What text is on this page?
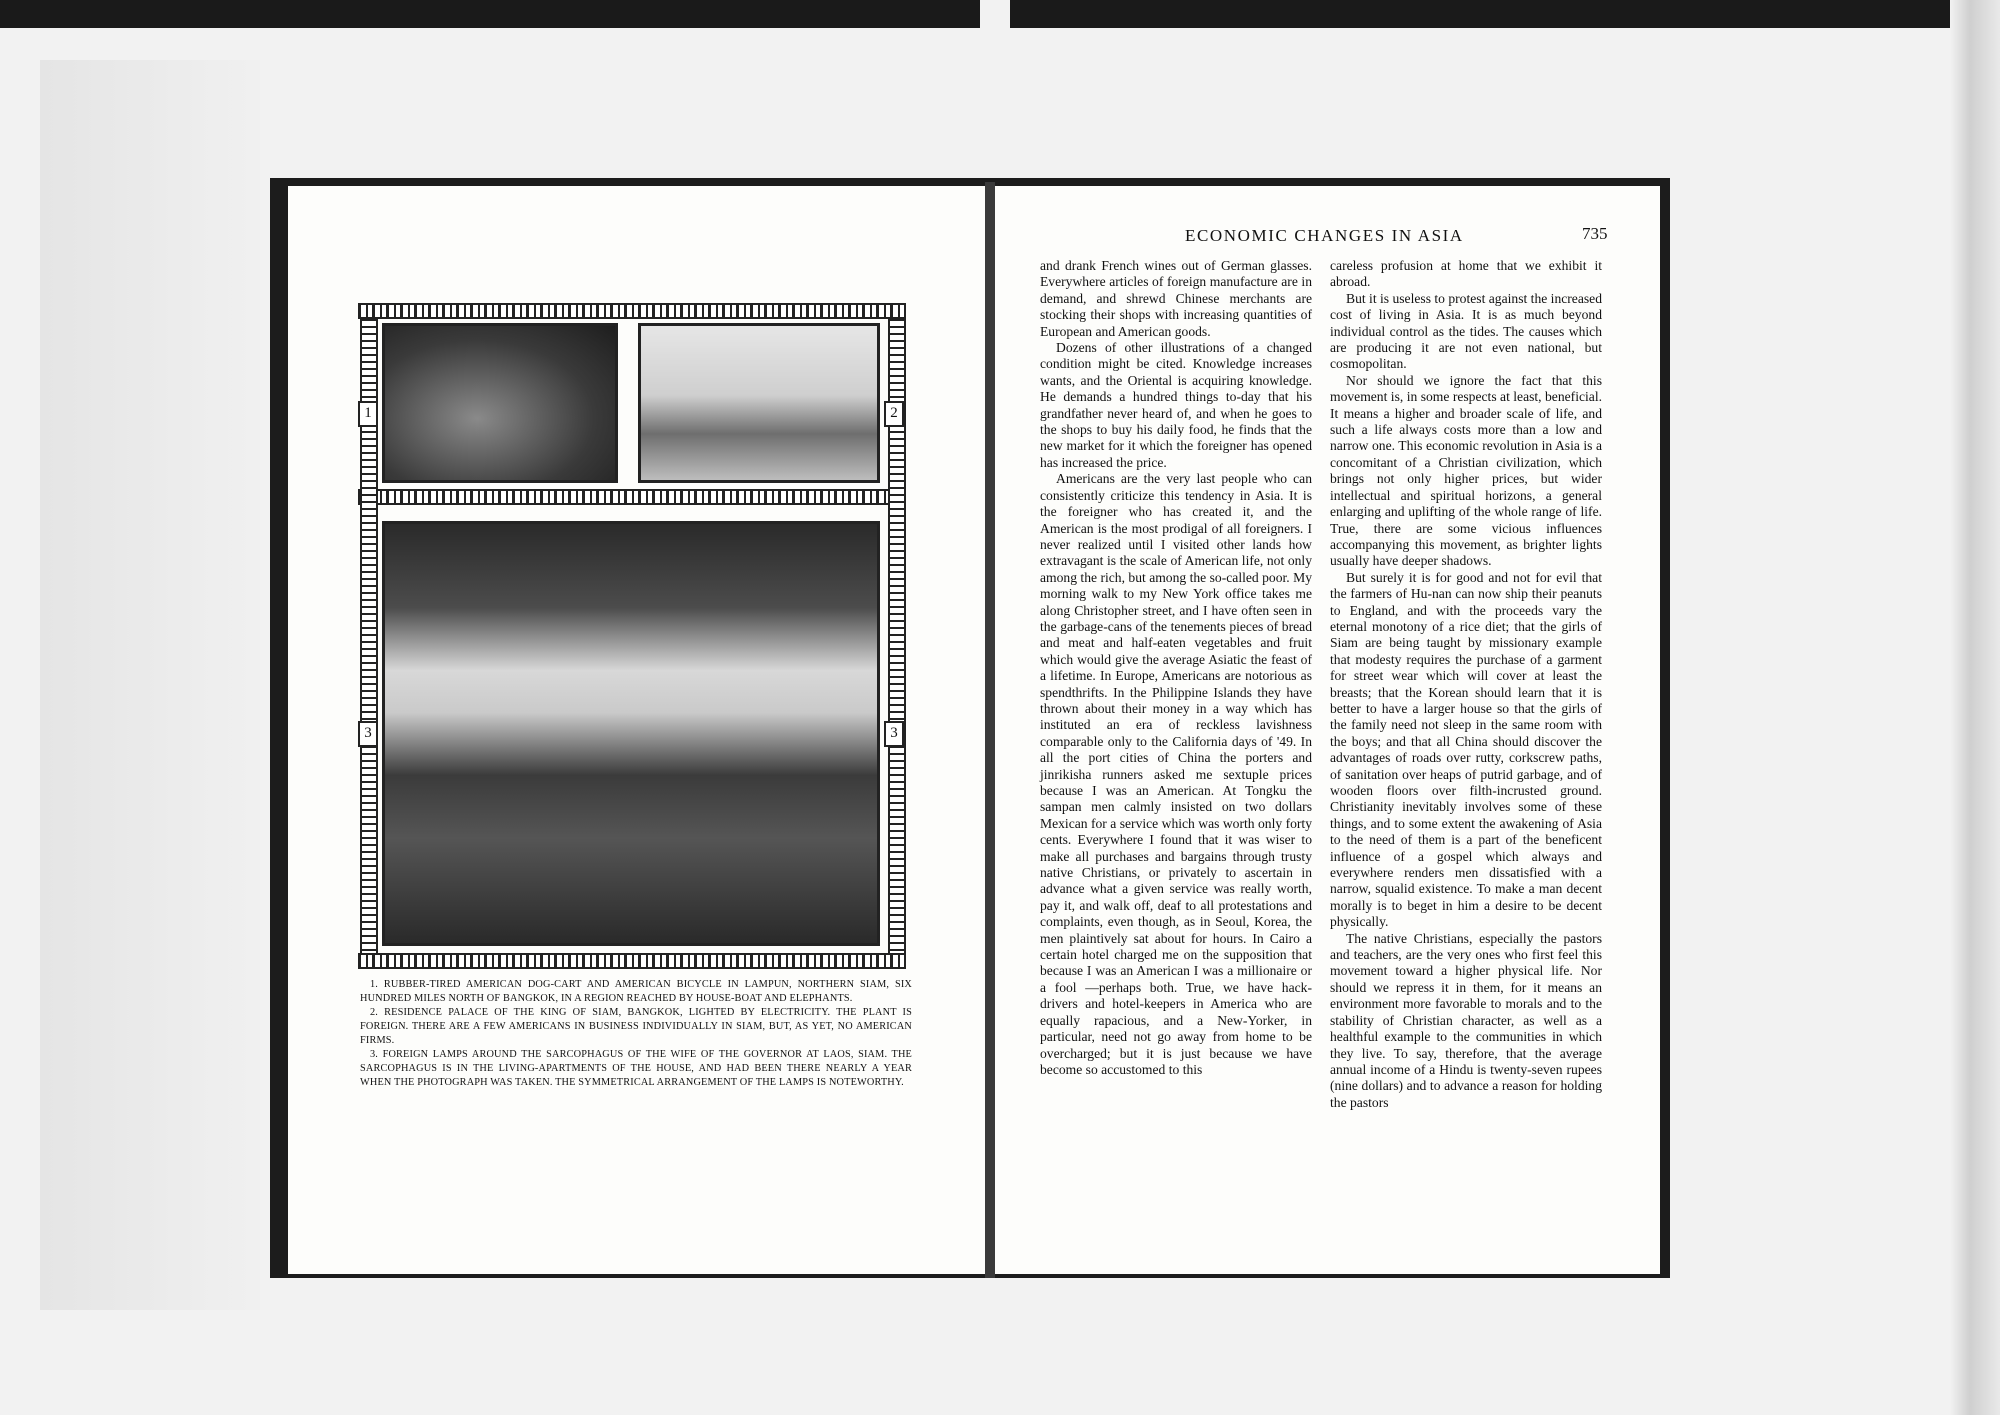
1	2
3	3

1. RUBBER-TIRED AMERICAN DOG-CART AND AMERICAN BICYCLE IN LAMPUN, NORTHERN SIAM, SIX HUNDRED MILES NORTH OF BANGKOK, IN A REGION REACHED BY HOUSE-BOAT AND ELEPHANTS.

2. RESIDENCE PALACE OF THE KING OF SIAM, BANGKOK, LIGHTED BY ELECTRICITY. THE PLANT IS FOREIGN. THERE ARE A FEW AMERICANS IN BUSINESS INDIVIDUALLY IN SIAM, BUT, AS YET, NO AMERICAN FIRMS.

3. FOREIGN LAMPS AROUND THE SARCOPHAGUS OF THE WIFE OF THE GOVERNOR AT LAOS, SIAM. THE SARCOPHAGUS IS IN THE LIVING-APARTMENTS OF THE HOUSE, AND HAD BEEN THERE NEARLY A YEAR WHEN THE PHOTOGRAPH WAS TAKEN. THE SYMMETRICAL ARRANGEMENT OF THE LAMPS IS NOTEWORTHY.

ECONOMIC CHANGES IN ASIA	735

and drank French wines out of German glasses. Everywhere articles of foreign manufacture are in demand, and shrewd Chinese merchants are stocking their shops with increasing quantities of European and American goods.

Dozens of other illustrations of a changed condition might be cited. Knowledge increases wants, and the Oriental is acquiring knowledge. He demands a hundred things to-day that his grandfather never heard of, and when he goes to the shops to buy his daily food, he finds that the new market for it which the foreigner has opened has increased the price.

Americans are the very last people who can consistently criticize this tendency in Asia. It is the foreigner who has created it, and the American is the most prodigal of all foreigners. I never realized until I visited other lands how extravagant is the scale of American life, not only among the rich, but among the so-called poor. My morning walk to my New York office takes me along Christopher street, and I have often seen in the garbage-cans of the tenements pieces of bread and meat and half-eaten vegetables and fruit which would give the average Asiatic the feast of a lifetime. In Europe, Americans are notorious as spendthrifts. In the Philippine Islands they have thrown about their money in a way which has instituted an era of reckless lavishness comparable only to the California days of '49. In all the port cities of China the porters and jinrikisha runners asked me sextuple prices because I was an American. At Tongku the sampan men calmly insisted on two dollars Mexican for a service which was worth only forty cents. Everywhere I found that it was wiser to make all purchases and bargains through trusty native Christians, or privately to ascertain in advance what a given service was really worth, pay it, and walk off, deaf to all protestations and complaints, even though, as in Seoul, Korea, the men plaintively sat about for hours. In Cairo a certain hotel charged me on the supposition that because I was an American I was a millionaire or a fool —perhaps both. True, we have hack-drivers and hotel-keepers in America who are equally rapacious, and a New-Yorker, in particular, need not go away from home to be overcharged; but it is just because we have become so accustomed to this

careless profusion at home that we exhibit it abroad.

But it is useless to protest against the increased cost of living in Asia. It is as much beyond individual control as the tides. The causes which are producing it are not even national, but cosmopolitan.

Nor should we ignore the fact that this movement is, in some respects at least, beneficial. It means a higher and broader scale of life, and such a life always costs more than a low and narrow one. This economic revolution in Asia is a concomitant of a Christian civilization, which brings not only higher prices, but wider intellectual and spiritual horizons, a general enlarging and uplifting of the whole range of life. True, there are some vicious influences accompanying this movement, as brighter lights usually have deeper shadows.

But surely it is for good and not for evil that the farmers of Hu-nan can now ship their peanuts to England, and with the proceeds vary the eternal monotony of a rice diet; that the girls of Siam are being taught by missionary example that modesty requires the purchase of a garment for street wear which will cover at least the breasts; that the Korean should learn that it is better to have a larger house so that the girls of the family need not sleep in the same room with the boys; and that all China should discover the advantages of roads over rutty, corkscrew paths, of sanitation over heaps of putrid garbage, and of wooden floors over filth-incrusted ground. Christianity inevitably involves some of these things, and to some extent the awakening of Asia to the need of them is a part of the beneficent influence of a gospel which always and everywhere renders men dissatisfied with a narrow, squalid existence. To make a man decent morally is to beget in him a desire to be decent physically.

The native Christians, especially the pastors and teachers, are the very ones who first feel this movement toward a higher physical life. Nor should we repress it in them, for it means an environment more favorable to morals and to the stability of Christian character, as well as a healthful example to the communities in which they live. To say, therefore, that the average annual income of a Hindu is twenty-seven rupees (nine dollars) and to advance a reason for holding the pastors
